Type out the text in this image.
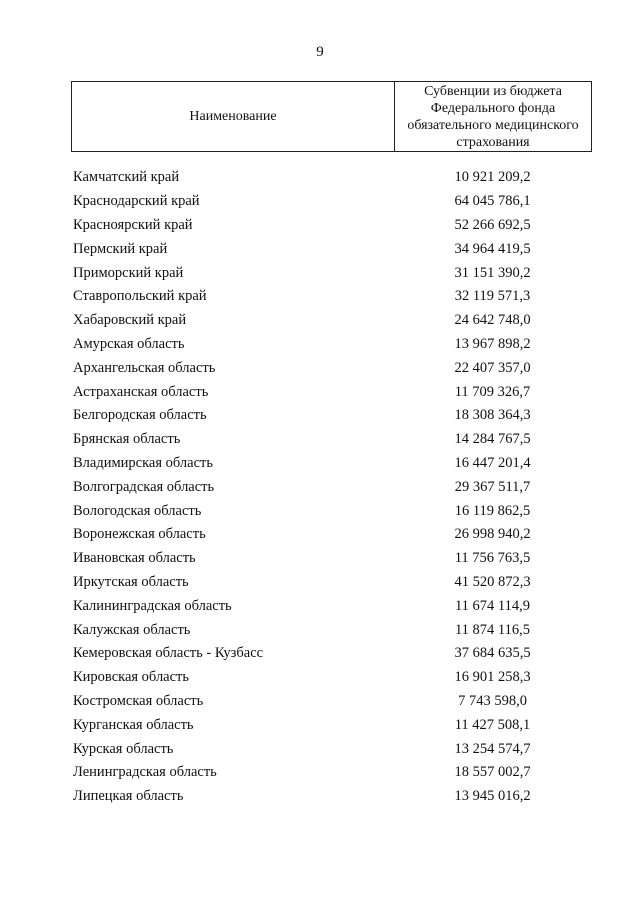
9
Наименование
Субвенции из бюджета
Федерального фонда
обязательного медицинского
страхования
Камчатский край	10 921 209,2
Краснодарский край	64 045 786,1
Красноярский край	52 266 692,5
Пермский край	34 964 419,5
Приморский край	31 151 390,2
Ставропольский край	32 119 571,3
Хабаровский край	24 642 748,0
Амурская область	13 967 898,2
Архангельская область	22 407 357,0
Астраханская область	11 709 326,7
Белгородская область	18 308 364,3
Брянская область	14 284 767,5
Владимирская область	16 447 201,4
Волгоградская область	29 367 511,7
Вологодская область	16 119 862,5
Воронежская область	26 998 940,2
Ивановская область	11 756 763,5
Иркутская область	41 520 872,3
Калининградская область	11 674 114,9
Калужская область	11 874 116,5
Кемеровская область - Кузбасс	37 684 635,5
Кировская область	16 901 258,3
Костромская область	7 743 598,0
Курганская область	11 427 508,1
Курская область	13 254 574,7
Ленинградская область	18 557 002,7
Липецкая область	13 945 016,2
